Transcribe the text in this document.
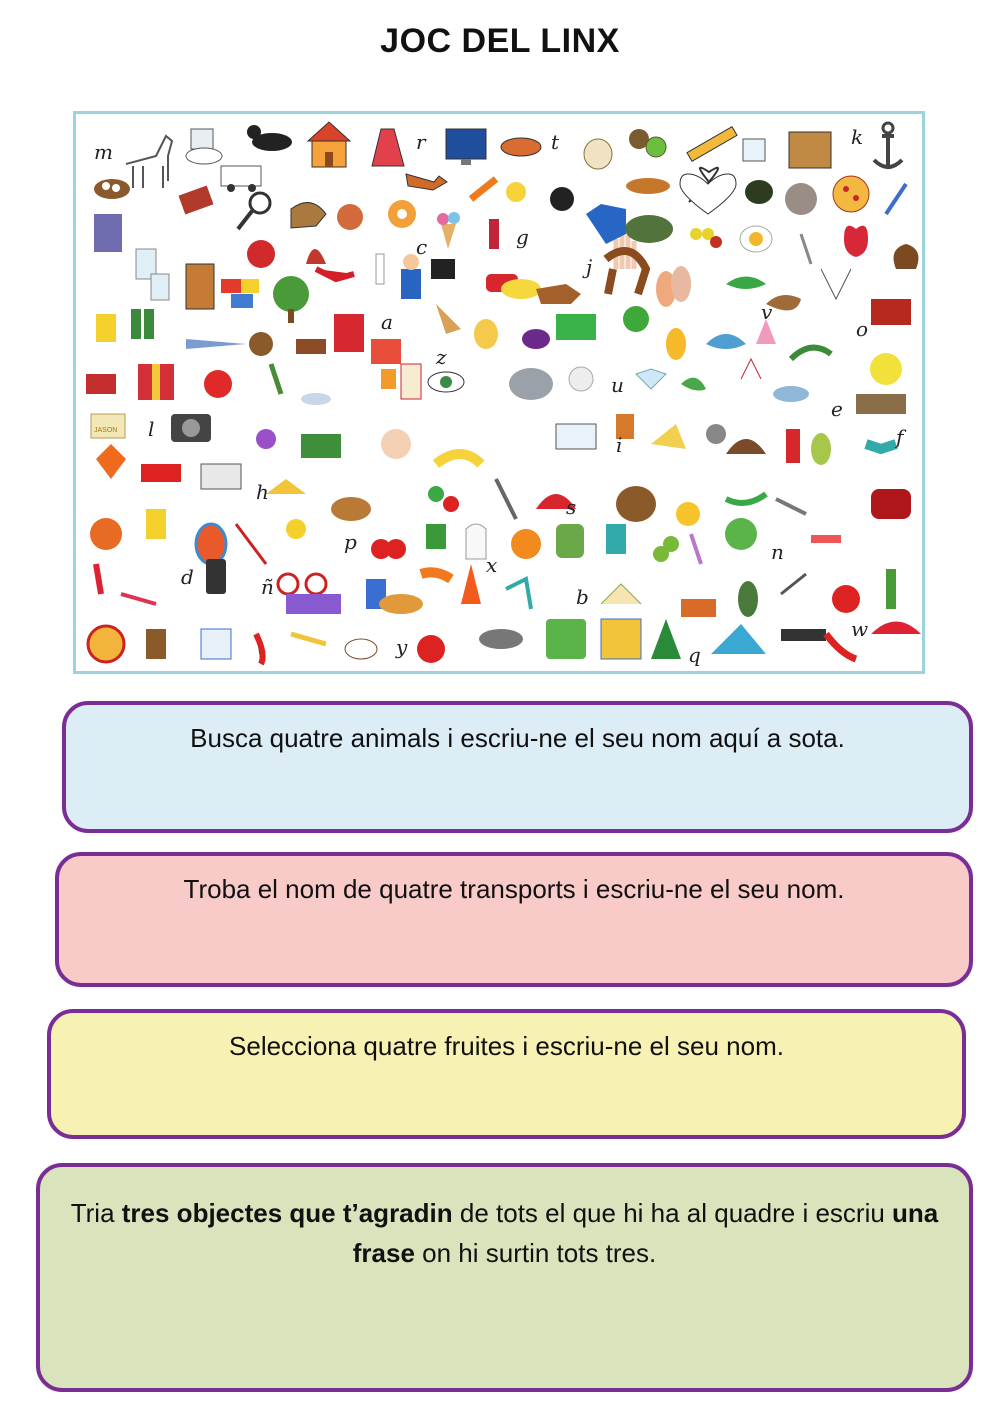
JOC DEL LINX
m	r	t	k
c	g
j
a
z
u
v
o
l
e
f
h
s
i
p	n
d	x
ñ	b
y	q
w
JASON
Busca quatre animals i escriu-ne el seu nom aquí a sota.
Troba el nom de quatre transports i escriu-ne el seu nom.
Selecciona quatre fruites i escriu-ne el seu nom.
Tria tres objectes que t’agradin de tots el que hi ha al quadre i escriu una frase on hi surtin tots tres.
